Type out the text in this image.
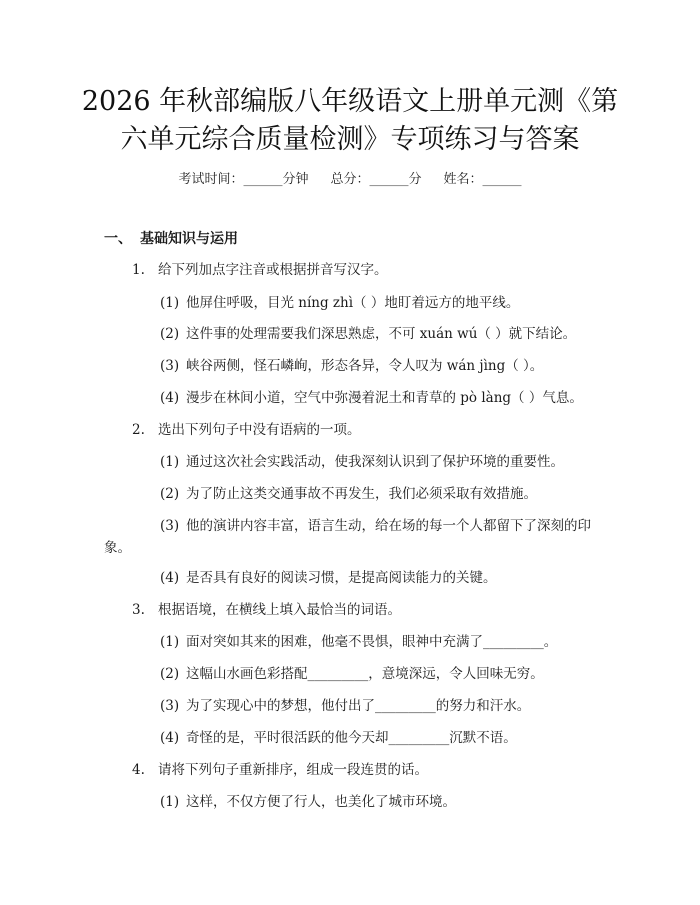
2026 年秋部编版八年级语文上册单元测《第
六单元综合质量检测》专项练习与答案
考试时间：______分钟 总分：______分 姓名：______
一、 基础知识与运用
1. 给下列加点字注音或根据拼音写汉字。
(1) 他屏住呼吸，目光 níng zhì（ ）地盯着远方的地平线。
(2) 这件事的处理需要我们深思熟虑，不可 xuán wú（ ）就下结论。
(3) 峡谷两侧，怪石嶙峋，形态各异，令人叹为 wán jìng（ ）。
(4) 漫步在林间小道，空气中弥漫着泥土和青草的 pò làng（ ）气息。
2. 选出下列句子中没有语病的一项。
(1) 通过这次社会实践活动，使我深刻认识到了保护环境的重要性。
(2) 为了防止这类交通事故不再发生，我们必须采取有效措施。
(3) 他的演讲内容丰富，语言生动，给在场的每一个人都留下了深刻的印
象。
(4) 是否具有良好的阅读习惯，是提高阅读能力的关键。
3. 根据语境，在横线上填入最恰当的词语。
(1) 面对突如其来的困难，他毫不畏惧，眼神中充满了_________。
(2) 这幅山水画色彩搭配_________，意境深远，令人回味无穷。
(3) 为了实现心中的梦想，他付出了_________的努力和汗水。
(4) 奇怪的是，平时很活跃的他今天却_________沉默不语。
4. 请将下列句子重新排序，组成一段连贯的话。
(1) 这样，不仅方便了行人，也美化了城市环境。
